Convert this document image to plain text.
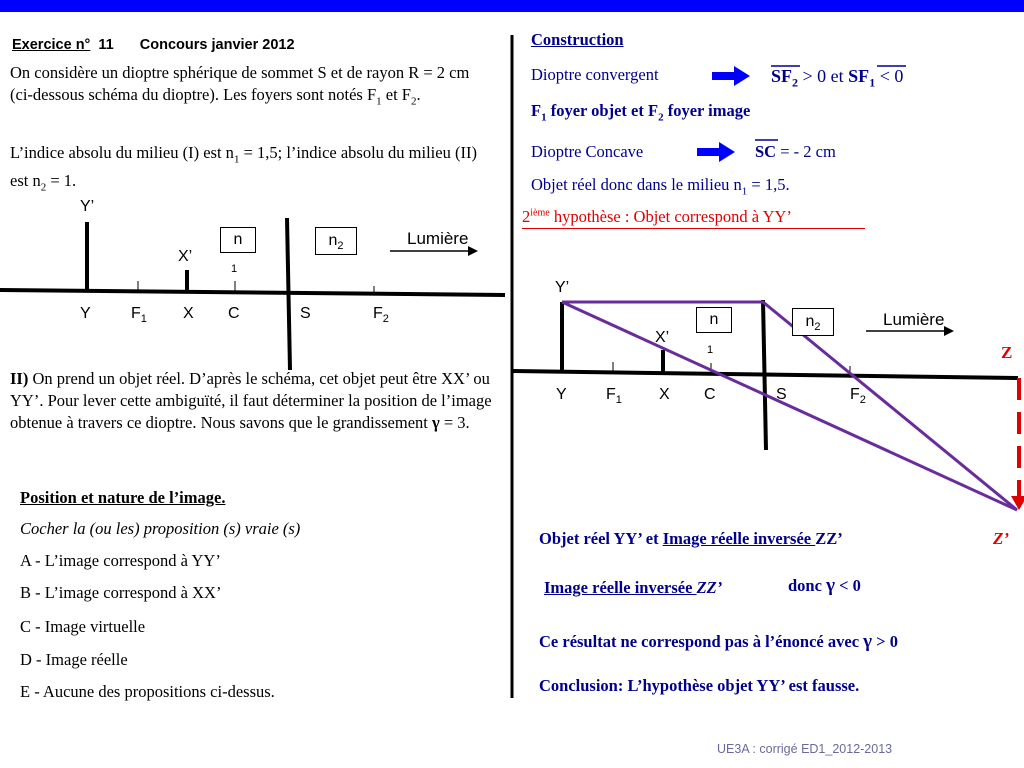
Exercice n° 11 Concours janvier 2012
On considère un dioptre sphérique de sommet S et de rayon R = 2 cm (ci-dessous schéma du dioptre). Les foyers sont notés $F_1$ et $F_2$.
L’indice absolu du milieu (I) est $n_1 = 1,5$; l’indice absolu du milieu (II) est $n_2 = 1$.
Y’
X’
n
1
$n_2$	Lumière
Y	$F_1$ X C	S	$F_2$
II) On prend un objet réel. D’après le schéma, cet objet peut être XX’ ou YY’. Pour lever cette ambiguïté, il faut déterminer la position de l’image obtenue à travers ce dioptre. Nous savons que le grandissement γ = 3.
Position et nature de l’image.
Cocher la (ou les) proposition (s) vraie (s)
A - L’image correspond à YY’
B - L’image correspond à XX’
C - Image virtuelle
D - Image réelle
E - Aucune des propositions ci-dessus.
Construction
Dioptre convergent	$SF_2 > 0$ et $SF_1 < 0$
$F_1$ foyer objet et $F_2$ foyer image
Dioptre Concave	SC = - 2 cm
Objet réel donc dans le milieu $n_1 = 1,5$.
2ième hypothèse : Objet correspond à YY’
Y’
X’
n
1
$n_2$	Lumière
Y $F_1$ X C	S	$F_2$
Z
Z’
Objet réel YY’ et Image réelle inversée ZZ’
Image réelle inversée ZZ’	donc γ < 0
Ce résultat ne correspond pas à l’énoncé avec γ > 0
Conclusion: L’hypothèse objet YY’ est fausse.
UE3A : corrigé ED1_2012-2013
